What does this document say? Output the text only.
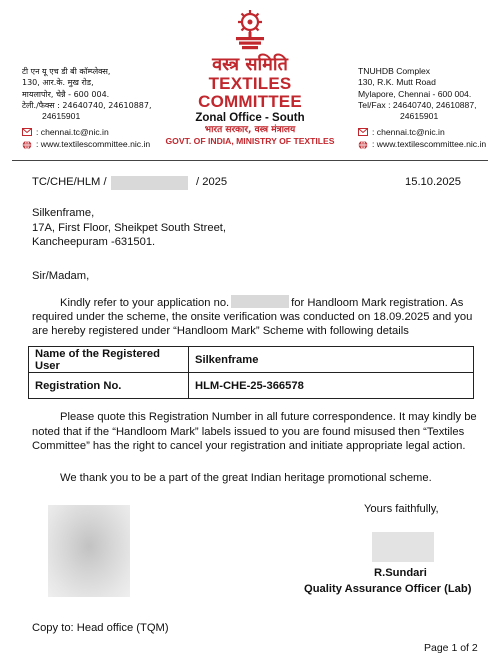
टी एन यू एच डी बी कॉम्प्लेक्स,
130, आर.के. मुख रोड,
मायलापोर, चेन्नै - 600 004.
टेली./फैक्स : 24640740, 24610887,
24615901
: chennai.tc@nic.in
: www.textilescommittee.nic.in
वस्त्र समिति
TEXTILES COMMITTEE
Zonal Office - South
भारत सरकार, वस्त्र मंत्रालय
GOVT. OF INDIA, MINISTRY OF TEXTILES
TNUHDB Complex
130, R.K. Mutt Road
Mylapore, Chennai - 600 004.
Tel/Fax : 24640740, 24610887,
24615901
: chennai.tc@nic.in
: www.textilescommittee.nic.in
TC/CHE/HLM /	/ 2025	15.10.2025
Silkenframe,
17A, First Floor, Sheikpet South Street,
Kancheepuram -631501.
Sir/Madam,
Kindly refer to your application no.	for Handloom Mark registration. As
required under the scheme, the onsite verification was conducted on 18.09.2025 and you
are hereby registered under “Handloom Mark” Scheme with following details
Name of the Registered User	Silkenframe
Registration No.	HLM-CHE-25-366578
Please quote this Registration Number in all future correspondence. It may kindly be
noted that if the “Handloom Mark” labels issued to you are found misused then “Textiles
Committee” has the right to cancel your registration and initiate appropriate legal action.
We thank you to be a part of the great Indian heritage promotional scheme.
Yours faithfully,
R.Sundari
Quality Assurance Officer (Lab)
Copy to: Head office (TQM)
Page 1 of 2
